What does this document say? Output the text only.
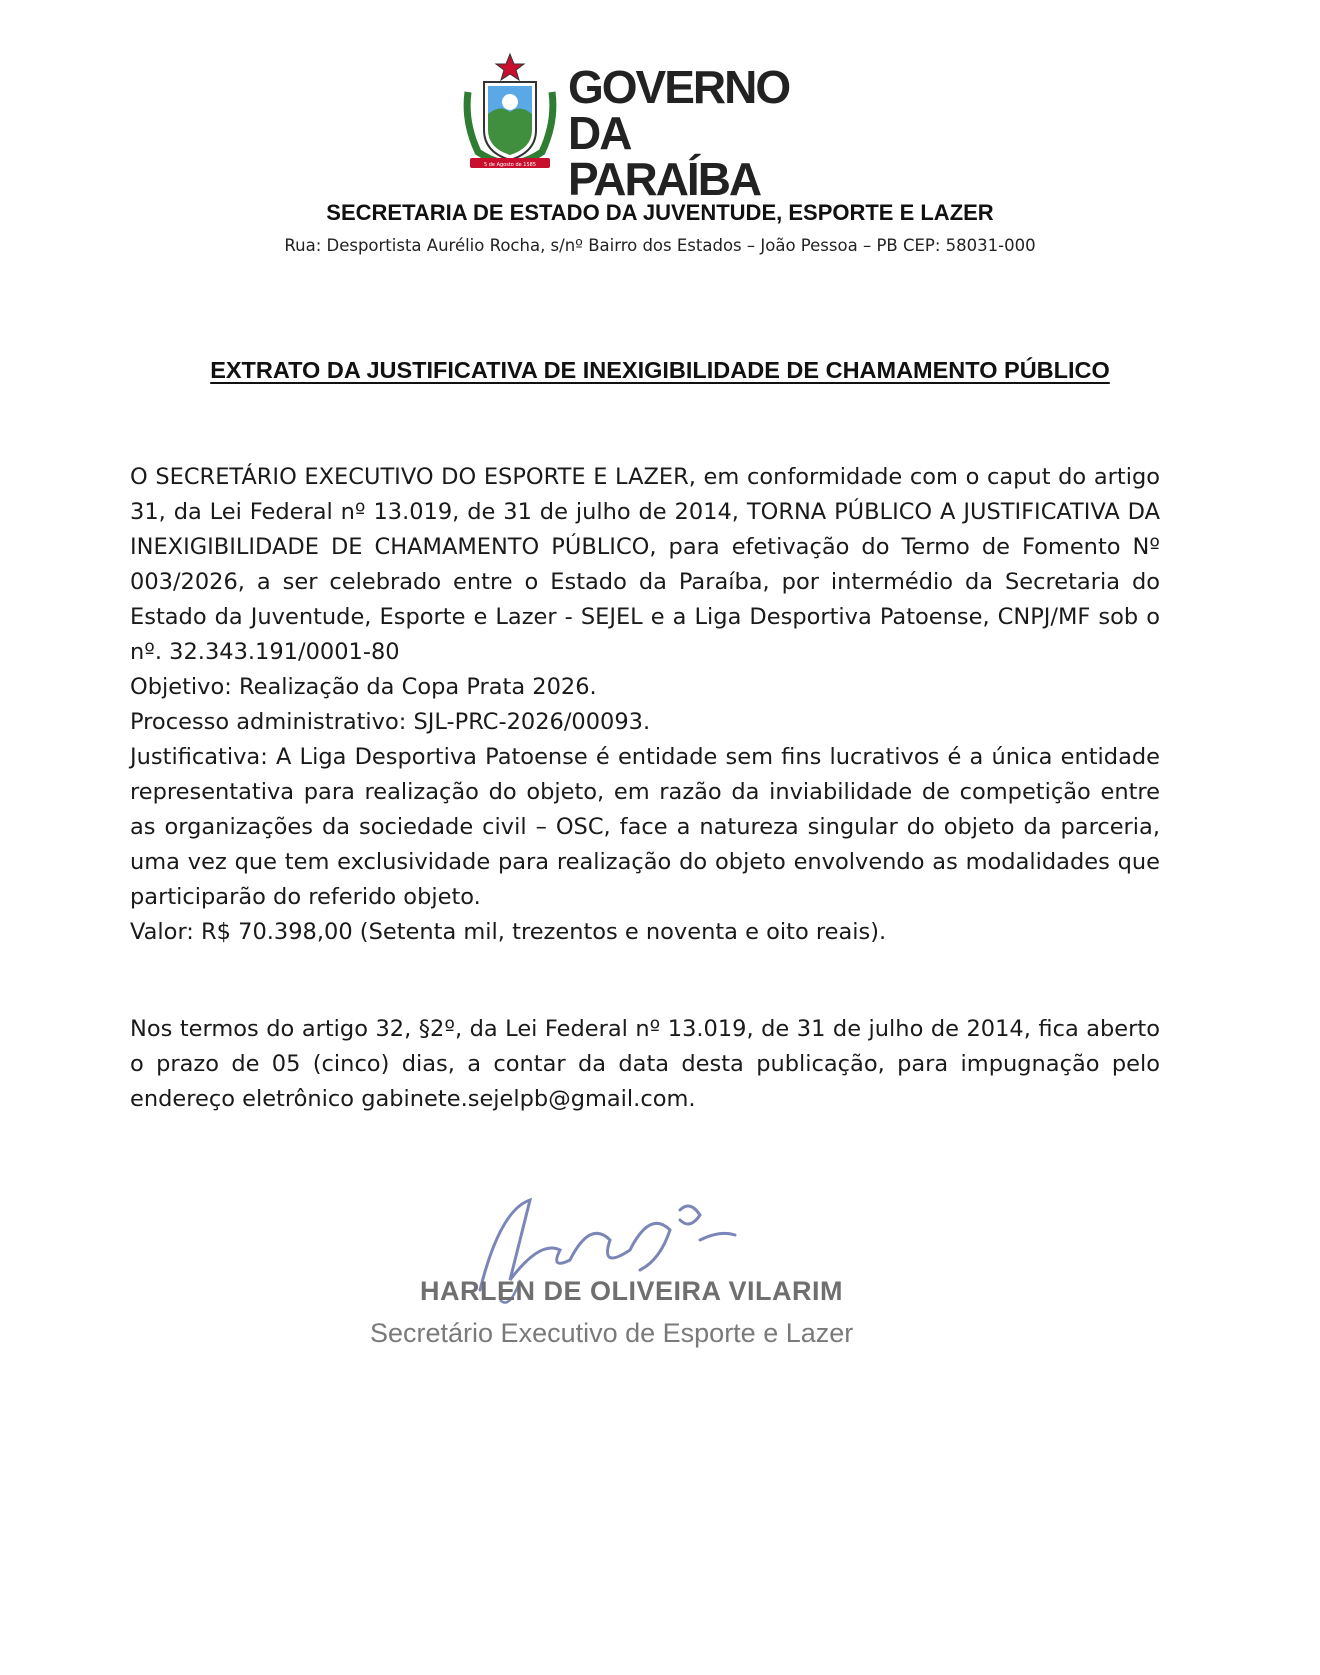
5 de Agosto de 1585
GOVERNO
DA PARAÍBA
SECRETARIA DE ESTADO DA JUVENTUDE, ESPORTE E LAZER
Rua: Desportista Aurélio Rocha, s/nº Bairro dos Estados – João Pessoa – PB CEP: 58031-000
EXTRATO DA JUSTIFICATIVA DE INEXIGIBILIDADE DE CHAMAMENTO PÚBLICO
O SECRETÁRIO EXECUTIVO DO ESPORTE E LAZER, em conformidade com o caput do artigo 31, da Lei Federal nº 13.019, de 31 de julho de 2014, TORNA PÚBLICO A JUSTIFICATIVA DA INEXIGIBILIDADE DE CHAMAMENTO PÚBLICO, para efetivação do Termo de Fomento Nº 003/2026, a ser celebrado entre o Estado da Paraíba, por intermédio da Secretaria do Estado da Juventude, Esporte e Lazer - SEJEL e a Liga Desportiva Patoense, CNPJ/MF sob o nº. 32.343.191/0001-80
Objetivo: Realização da Copa Prata 2026.
Processo administrativo: SJL-PRC-2026/00093.
Justificativa: A Liga Desportiva Patoense é entidade sem fins lucrativos é a única entidade representativa para realização do objeto, em razão da inviabilidade de competição entre as organizações da sociedade civil – OSC, face a natureza singular do objeto da parceria, uma vez que tem exclusividade para realização do objeto envolvendo as modalidades que participarão do referido objeto.
Valor: R$ 70.398,00 (Setenta mil, trezentos e noventa e oito reais).
Nos termos do artigo 32, §2º, da Lei Federal nº 13.019, de 31 de julho de 2014, fica aberto o prazo de 05 (cinco) dias, a contar da data desta publicação, para impugnação pelo endereço eletrônico gabinete.sejelpb@gmail.com.
HARLEN DE OLIVEIRA VILARIM
Secretário Executivo de Esporte e Lazer
